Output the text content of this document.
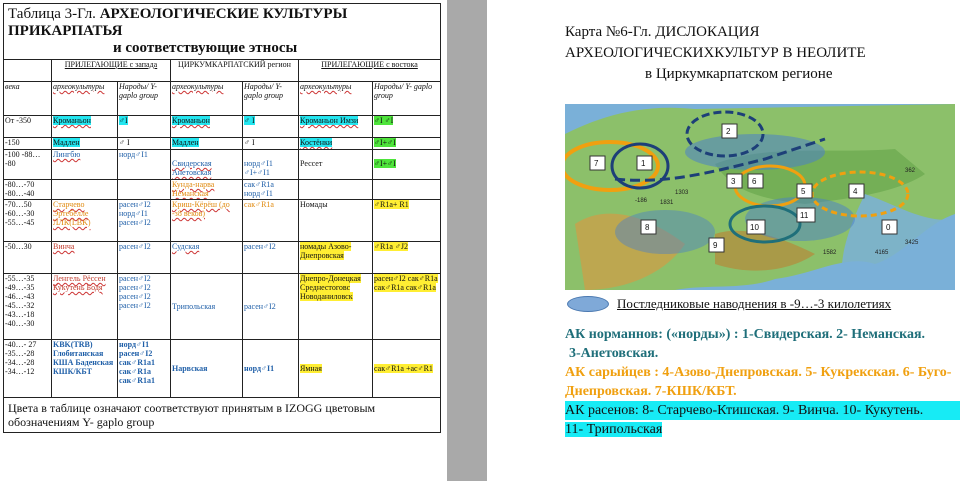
Таблица 3-Гл. АРХЕОЛОГИЧЕСКИЕ КУЛЬТУРЫ ПРИКАРПАТЬЯ
и соответствующие этносы						
	ПРИЛЕГАЮЩИЕ с запада		ЦИРКУМКАРПАТСКИЙ регион		ПРИЛЕГАЮЩИЕ с востока	
века	археокультуры	Народы/ Y- gaplo group	археокультуры	Народы/ Y- gaplo group	археокультуры	Народы/ Y- gaplo group
От -350	Кроманьон	♂I	Кроманьон	♂ I	Кроманьон Имзи	♂I ♂I
-150	Мадлен	♂ I	Мадлен	♂ I	Костёнки	♂I+♂I
-100 -88… -80	Лингбю	норд♂I1	Свидерская Анетовская	норд♂I1 ♂I+♂I1	Рессет	♂I+♂I
-80…-70 -80…-40			Кунда-нарва Неманская	сак♂R1a норд♂I1		
-70…50 -60…-30 -55…-45	Старчево Эртебёлле ЛЛК(LBK)	расен♂I2 норд♂I1 расен♂I2	Криш-Кёрёш (до -з8 веков)	сак♂R1a	Номады	♂R1a+ R1
-50…30	Винча	расен♂I2	Судская	расен♂I2	номады Азово-Днепровская	♂R1a ♂J2
-55…-35 -49…-35 -46…-43 -45…-32 -43…-18 -40…-30	Ленгель Рёссен Кукутень Бодя	расен♂I2 расен♂I2 расен♂I2 расен♂I2	Трипольская	расен♂I2	Днепро-Донецкая Среднестоговс Новоданиловск	расен♂I2 сак♂R1a сак♂R1a сак♂R1a
-40…- 27 -35…-28 -34…-28 -34…-12	KBK(TRB) Глобитанская КША Баденская КШК/КБТ	норд♂I1 расен♂I2 сак♂R1a1 сак♂R1a сак♂R1a1	Нарвская	норд♂I1	Ямная	сак♂R1a +ас♂R1
Цвета в таблице означают соответствуют принятым в IZOGG цветовым обозначениям Y- gaplo group						
Карта №6-Гл. ДИСЛОКАЦИЯ
АРХЕОЛОГИЧЕСКИХКУЛЬТУР В НЕОЛИТЕ
в Циркумкарпатском регионе
7	1
2
3 6
5	4
11
10
8
9
0
1303
1831
-186
1582
3425
4165
362
Постледниковые наводнения в -9…-3 килолетиях
АК норманнов: («норды») : 1-Свидерская. 2- Неманская.
3-Анетовская.
АК сарыйцев : 4-Азово-Днепровская. 5- Кукрекская. 6- Буго-Днепровская. 7-КШК/КБТ.
АК расенов: 8- Старчево-Ктишская. 9- Винча. 10- Кукутень.
11- Трипольская
